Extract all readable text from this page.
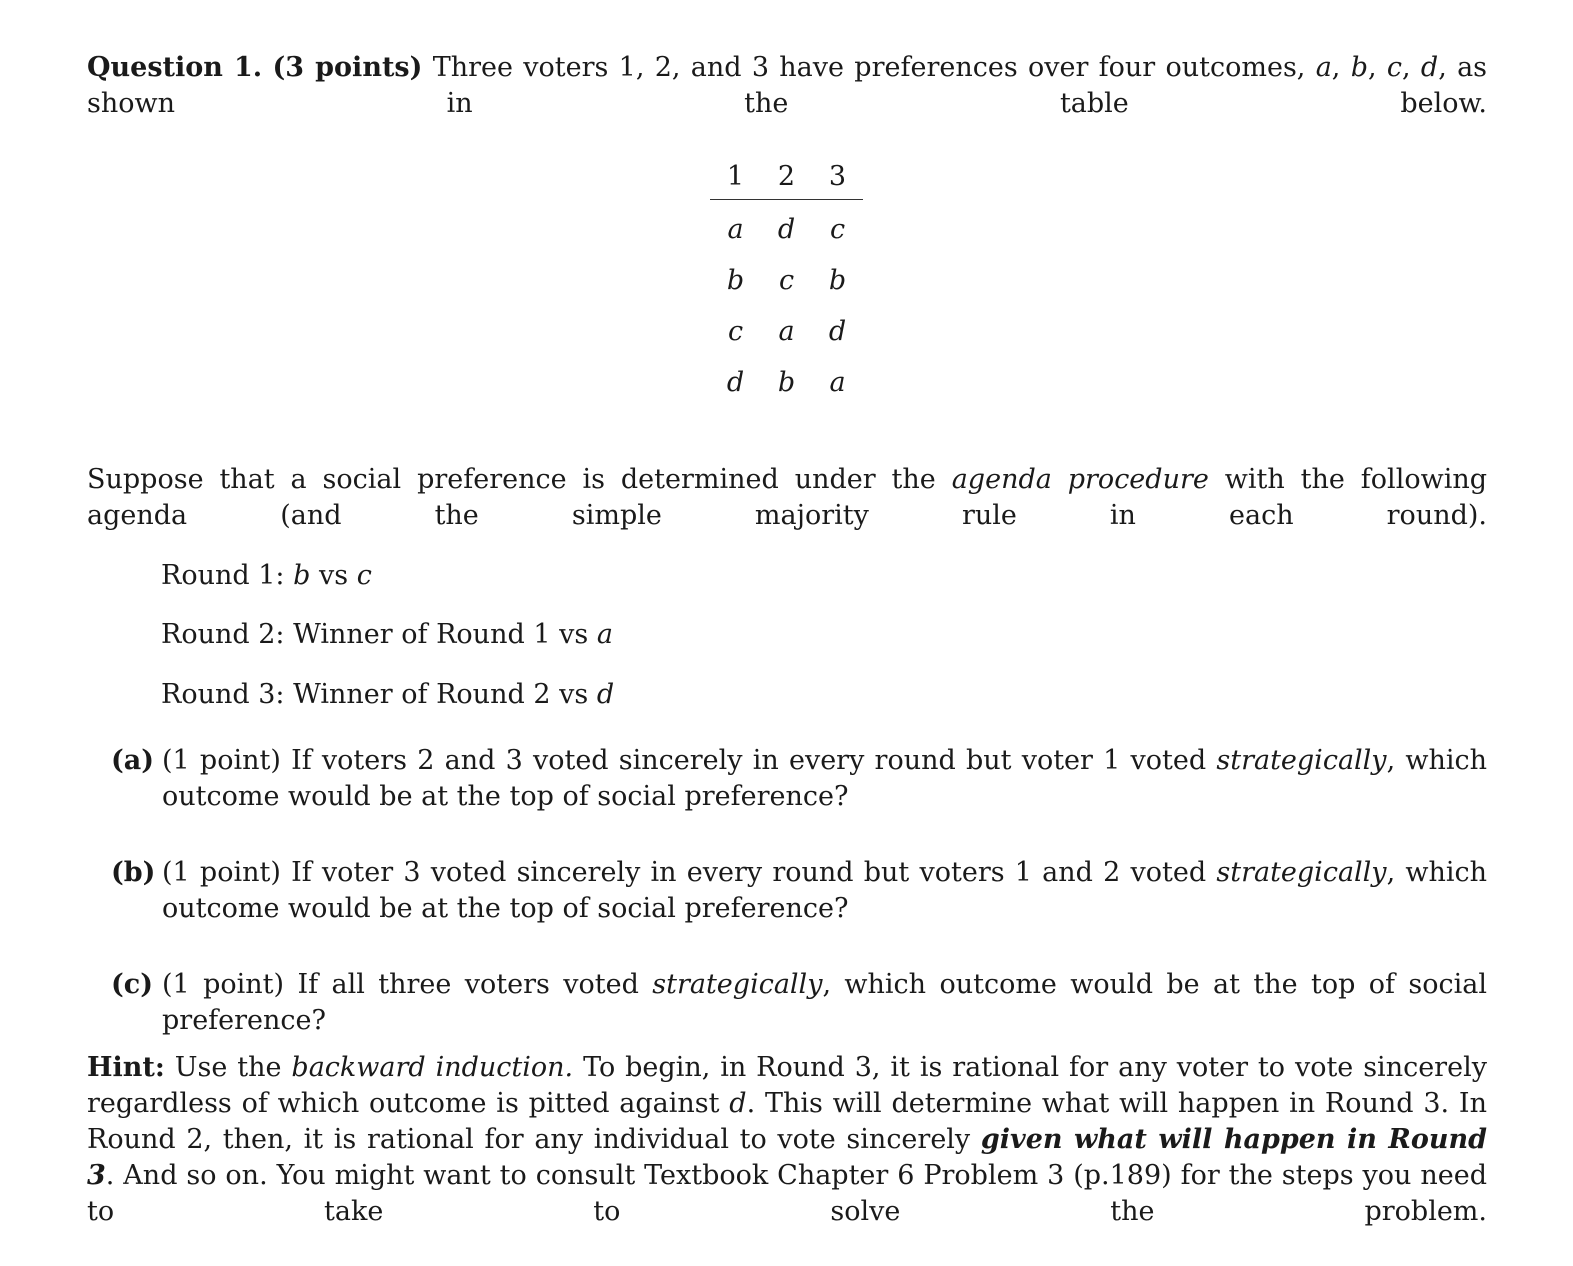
Question 1. (3 points) Three voters 1, 2, and 3 have preferences over four outcomes, a, b, c, d, as shown in the table below.

1	2	3
a	d	c
b	c	b
c	a	d
d	b	a

Suppose that a social preference is determined under the agenda procedure with the following agenda (and the simple majority rule in each round).

Round 1: b vs c

Round 2: Winner of Round 1 vs a

Round 3: Winner of Round 2 vs d

(a) (1 point) If voters 2 and 3 voted sincerely in every round but voter 1 voted strategically, which outcome would be at the top of social preference?

(b) (1 point) If voter 3 voted sincerely in every round but voters 1 and 2 voted strategically, which outcome would be at the top of social preference?

(c) (1 point) If all three voters voted strategically, which outcome would be at the top of social preference?

Hint: Use the backward induction. To begin, in Round 3, it is rational for any voter to vote sincerely regardless of which outcome is pitted against d. This will determine what will happen in Round 3. In Round 2, then, it is rational for any individual to vote sincerely given what will happen in Round 3. And so on. You might want to consult Textbook Chapter 6 Problem 3 (p.189) for the steps you need to take to solve the problem.
